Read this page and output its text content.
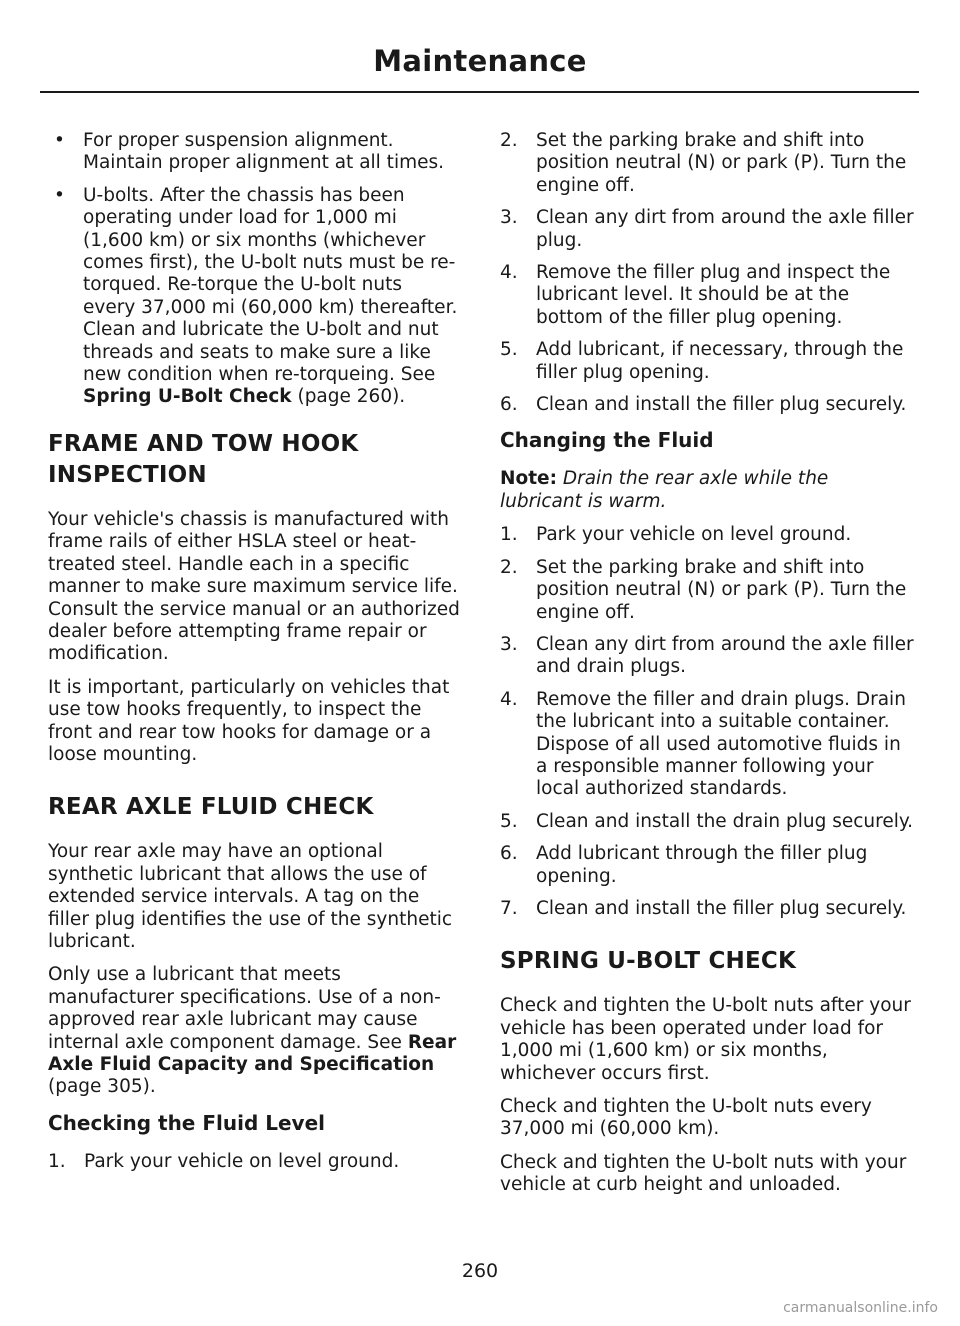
Maintenance
• For proper suspension alignment. Maintain proper alignment at all times.
• U-bolts. After the chassis has been operating under load for 1,000 mi (1,600 km) or six months (whichever comes first), the U-bolt nuts must be re-torqued. Re-torque the U-bolt nuts every 37,000 mi (60,000 km) thereafter. Clean and lubricate the U-bolt and nut threads and seats to make sure a like new condition when re-torqueing. See Spring U-Bolt Check (page 260).
FRAME AND TOW HOOK
INSPECTION

Your vehicle's chassis is manufactured with frame rails of either HSLA steel or heat-treated steel. Handle each in a specific manner to make sure maximum service life. Consult the service manual or an authorized dealer before attempting frame repair or modification.

It is important, particularly on vehicles that use tow hooks frequently, to inspect the front and rear tow hooks for damage or a loose mounting.

REAR AXLE FLUID CHECK

Your rear axle may have an optional synthetic lubricant that allows the use of extended service intervals. A tag on the filler plug identifies the use of the synthetic lubricant.

Only use a lubricant that meets manufacturer specifications. Use of a non-approved rear axle lubricant may cause internal axle component damage. See Rear Axle Fluid Capacity and Specification (page 305).

Checking the Fluid Level
1. Park your vehicle on level ground.
2. Set the parking brake and shift into position neutral (N) or park (P). Turn the engine off.
3. Clean any dirt from around the axle filler plug.
4. Remove the filler plug and inspect the lubricant level. It should be at the bottom of the filler plug opening.
5. Add lubricant, if necessary, through the filler plug opening.
6. Clean and install the filler plug securely.
Changing the Fluid

Note: Drain the rear axle while the lubricant is warm.

1. Park your vehicle on level ground.
2. Set the parking brake and shift into position neutral (N) or park (P). Turn the engine off.
3. Clean any dirt from around the axle filler and drain plugs.
4. Remove the filler and drain plugs. Drain the lubricant into a suitable container. Dispose of all used automotive fluids in a responsible manner following your local authorized standards.
5. Clean and install the drain plug securely.
6. Add lubricant through the filler plug opening.
7. Clean and install the filler plug securely.
SPRING U-BOLT CHECK

Check and tighten the U-bolt nuts after your vehicle has been operated under load for 1,000 mi (1,600 km) or six months, whichever occurs first.

Check and tighten the U-bolt nuts every 37,000 mi (60,000 km).

Check and tighten the U-bolt nuts with your vehicle at curb height and unloaded.

260
carmanualsonline.info
